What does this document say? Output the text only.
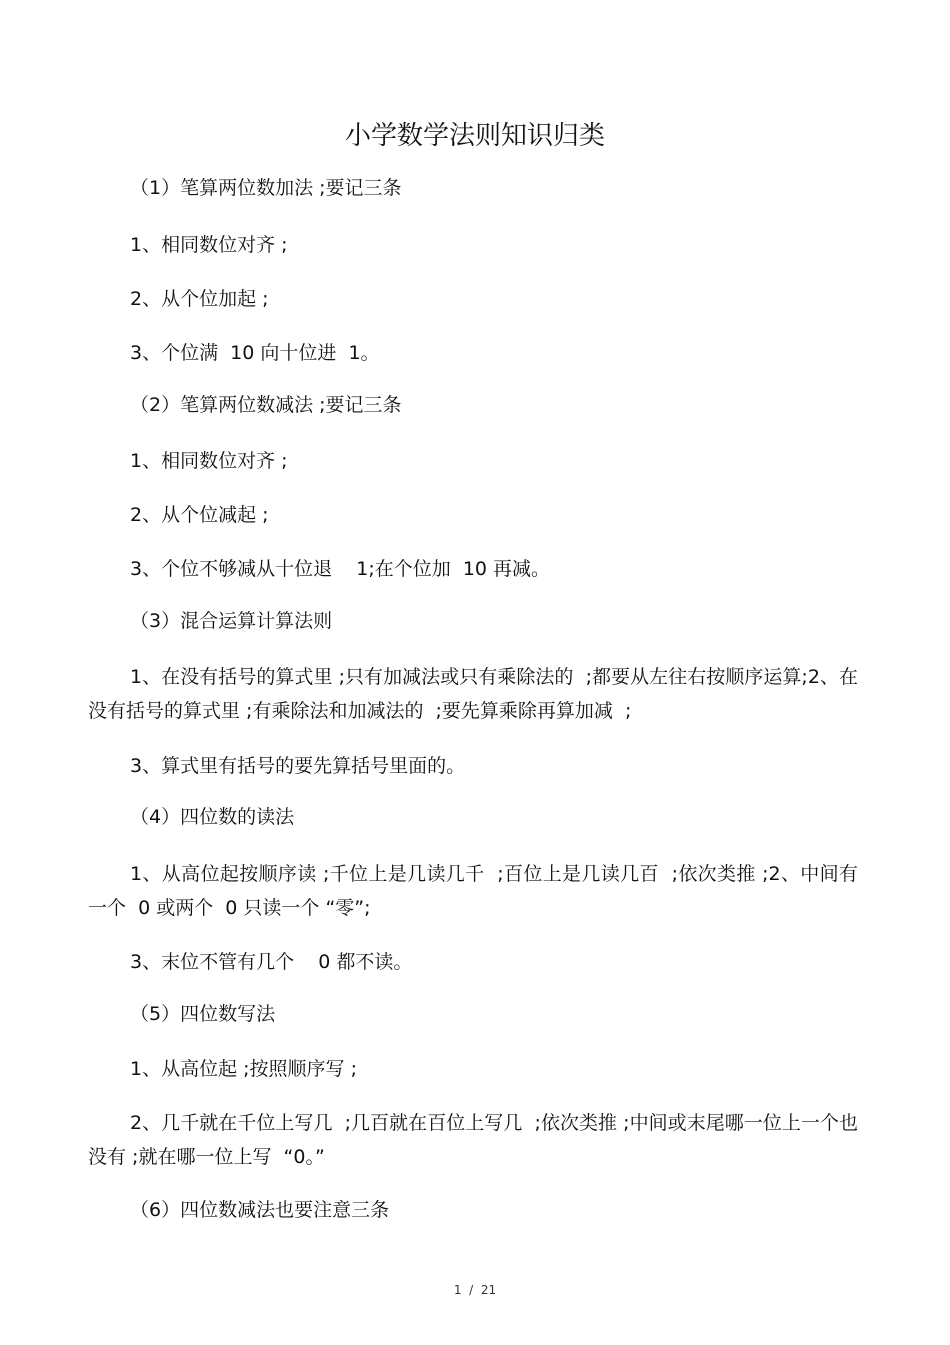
小学数学法则知识归类
（1）笔算两位数加法 ;要记三条
1、相同数位对齐 ;
2、从个位加起 ;
3、个位满  10 向十位进  1。
（2）笔算两位数减法 ;要记三条
1、相同数位对齐 ;
2、从个位减起 ;
3、个位不够减从十位退    1;在个位加  10 再减。
（3）混合运算计算法则
1、在没有括号的算式里 ;只有加减法或只有乘除法的  ;都要从左往右按顺序运算;2、在没有括号的算式里 ;有乘除法和加减法的  ;要先算乘除再算加减  ;
3、算式里有括号的要先算括号里面的。
（4）四位数的读法
1、从高位起按顺序读 ;千位上是几读几千  ;百位上是几读几百  ;依次类推 ;2、中间有一个  0 或两个  0 只读一个 “零”;
3、末位不管有几个    0 都不读。
（5）四位数写法
1、从高位起 ;按照顺序写 ;
2、几千就在千位上写几  ;几百就在百位上写几  ;依次类推 ;中间或末尾哪一位上一个也没有 ;就在哪一位上写  “0。”
（6）四位数减法也要注意三条
1  /  21
